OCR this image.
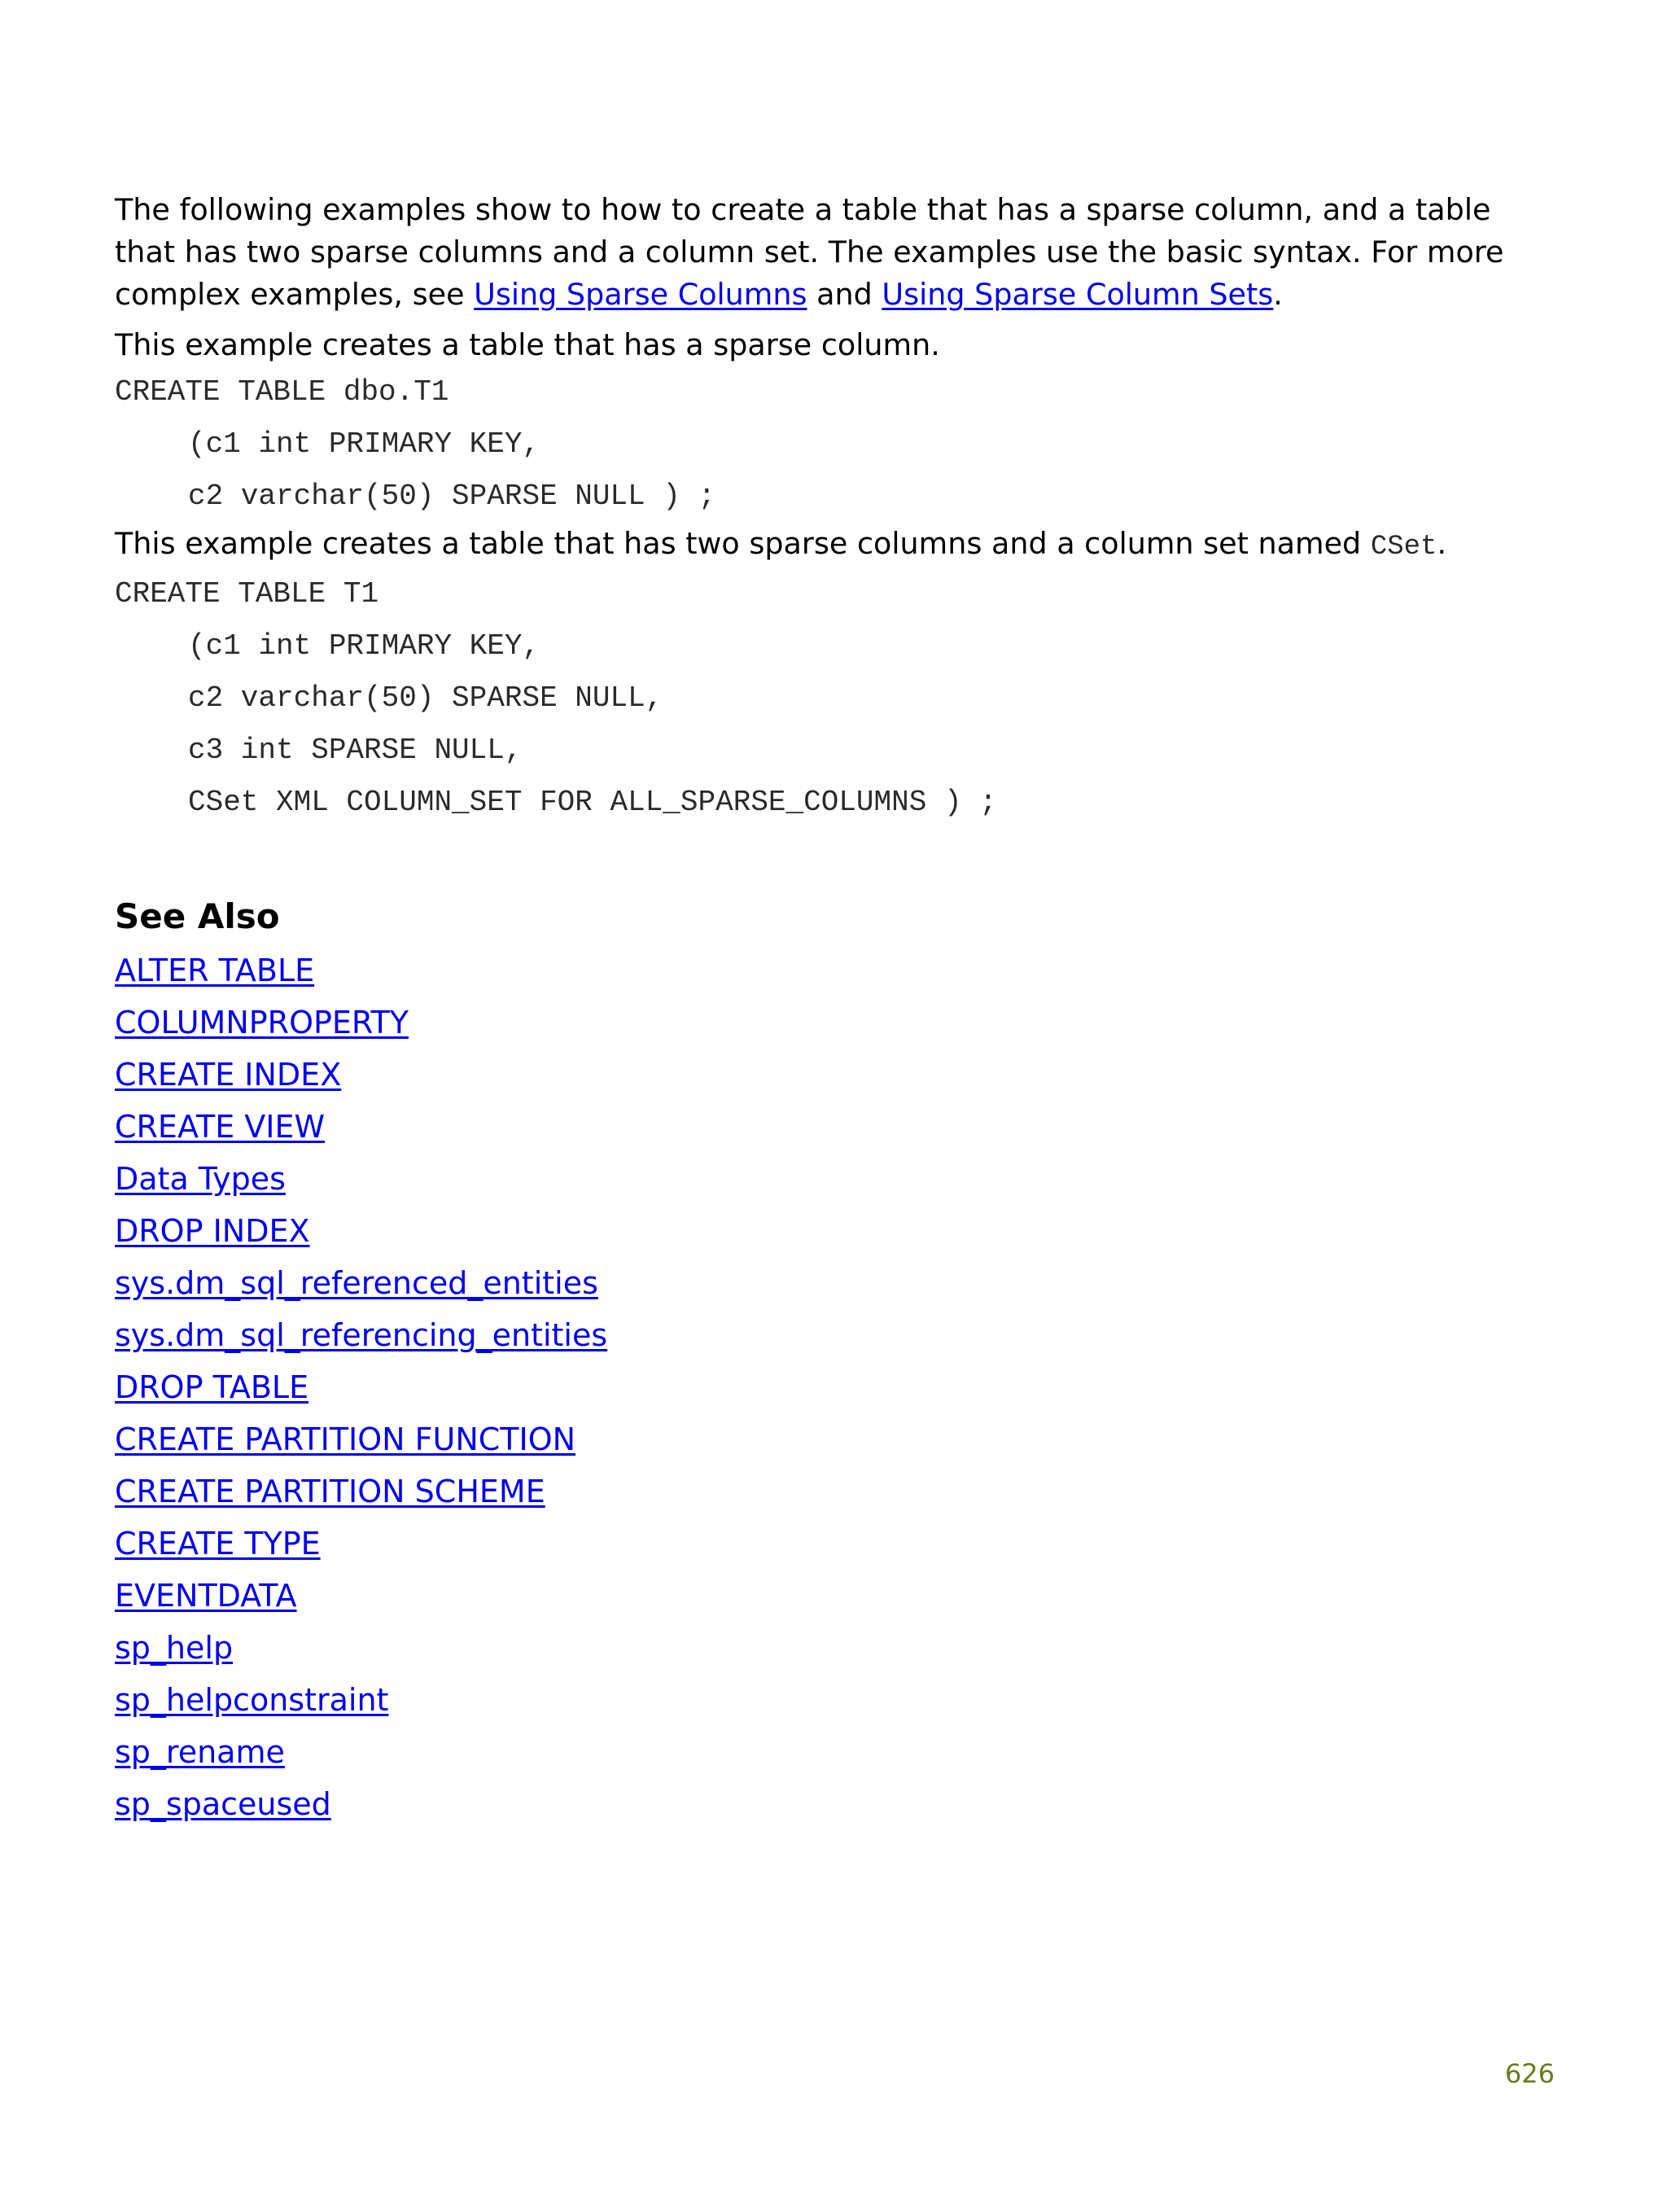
The following examples show to how to create a table that has a sparse column, and a table that has two sparse columns and a column set. The examples use the basic syntax. For more complex examples, see Using Sparse Columns and Using Sparse Column Sets.

This example creates a table that has a sparse column.

CREATE TABLE dbo.T1
(c1 int PRIMARY KEY,
c2 varchar(50) SPARSE NULL ) ;

This example creates a table that has two sparse columns and a column set named CSet.

CREATE TABLE T1
(c1 int PRIMARY KEY,
c2 varchar(50) SPARSE NULL,
c3 int SPARSE NULL,
CSet XML COLUMN_SET FOR ALL_SPARSE_COLUMNS ) ;
See Also
ALTER TABLE
COLUMNPROPERTY
CREATE INDEX
CREATE VIEW
Data Types
DROP INDEX
sys.dm_sql_referenced_entities
sys.dm_sql_referencing_entities
DROP TABLE
CREATE PARTITION FUNCTION
CREATE PARTITION SCHEME
CREATE TYPE
EVENTDATA
sp_help
sp_helpconstraint
sp_rename
sp_spaceused
626
